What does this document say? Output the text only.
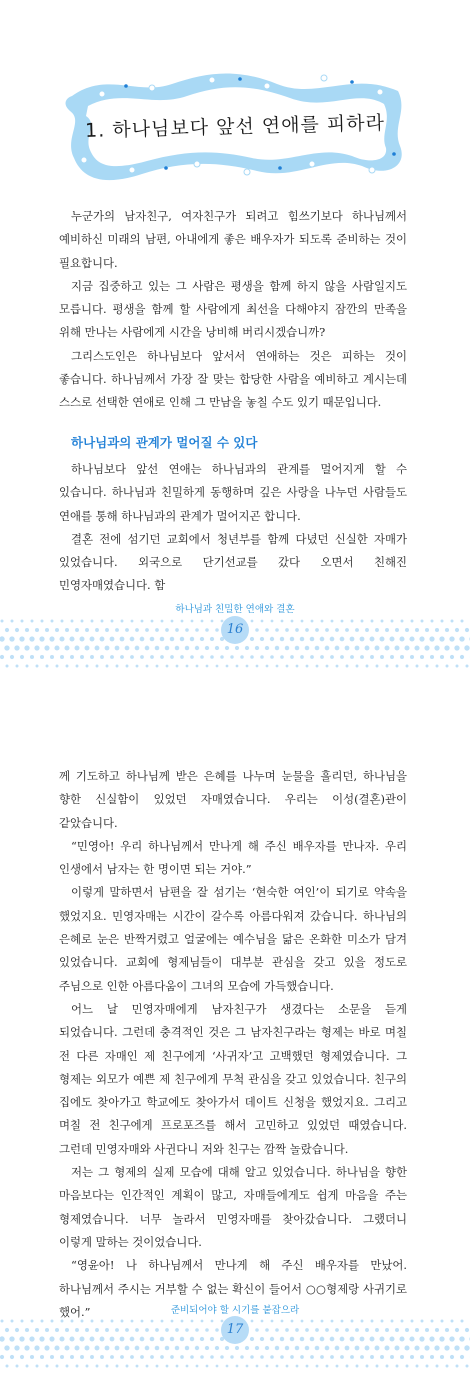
1. 하나님보다 앞선 연애를 피하라

누군가의 남자친구, 여자친구가 되려고 힘쓰기보다 하나님께서 예비하신 미래의 남편, 아내에게 좋은 배우자가 되도록 준비하는 것이 필요합니다.

지금 집중하고 있는 그 사람은 평생을 함께 하지 않을 사람일지도 모릅니다. 평생을 함께 할 사람에게 최선을 다해야지 잠깐의 만족을 위해 만나는 사람에게 시간을 낭비해 버리시겠습니까?

그리스도인은 하나님보다 앞서서 연애하는 것은 피하는 것이 좋습니다. 하나님께서 가장 잘 맞는 합당한 사람을 예비하고 계시는데 스스로 선택한 연애로 인해 그 만남을 놓칠 수도 있기 때문입니다.

하나님과의 관계가 멀어질 수 있다

하나님보다 앞선 연애는 하나님과의 관계를 멀어지게 할 수 있습니다. 하나님과 친밀하게 동행하며 깊은 사랑을 나누던 사람들도 연애를 통해 하나님과의 관계가 멀어지곤 합니다.

결혼 전에 섬기던 교회에서 청년부를 함께 다녔던 신실한 자매가 있었습니다. 외국으로 단기선교를 갔다 오면서 친해진 민영자매였습니다. 함

하나님과 친밀한 연애와 결혼
16

께 기도하고 하나님께 받은 은혜를 나누며 눈물을 흘리던, 하나님을 향한 신실함이 있었던 자매였습니다. 우리는 이성(결혼)관이 같았습니다.

“민영아! 우리 하나님께서 만나게 해 주신 배우자를 만나자. 우리 인생에서 남자는 한 명이면 되는 거야.”

이렇게 말하면서 남편을 잘 섬기는 ‘현숙한 여인’이 되기로 약속을 했었지요. 민영자매는 시간이 갈수록 아름다워져 갔습니다. 하나님의 은혜로 눈은 반짝거렸고 얼굴에는 예수님을 닮은 온화한 미소가 담겨 있었습니다. 교회에 형제님들이 대부분 관심을 갖고 있을 정도로 주님으로 인한 아름다움이 그녀의 모습에 가득했습니다.

어느 날 민영자매에게 남자친구가 생겼다는 소문을 듣게 되었습니다. 그런데 충격적인 것은 그 남자친구라는 형제는 바로 며칠 전 다른 자매인 제 친구에게 ‘사귀자’고 고백했던 형제였습니다. 그 형제는 외모가 예쁜 제 친구에게 무척 관심을 갖고 있었습니다. 친구의 집에도 찾아가고 학교에도 찾아가서 데이트 신청을 했었지요. 그리고 며칠 전 친구에게 프로포즈를 해서 고민하고 있었던 때였습니다. 그런데 민영자매와 사귄다니 저와 친구는 깜짝 놀랐습니다.

저는 그 형제의 실제 모습에 대해 알고 있었습니다. 하나님을 향한 마음보다는 인간적인 계획이 많고, 자매들에게도 쉽게 마음을 주는 형제였습니다. 너무 놀라서 민영자매를 찾아갔습니다. 그랬더니 이렇게 말하는 것이었습니다.

“영윤아! 나 하나님께서 만나게 해 주신 배우자를 만났어. 하나님께서 주시는 거부할 수 없는 확신이 들어서 ○○형제랑 사귀기로 했어.”	준비되어야 할 시기를 붙잡으라
17
